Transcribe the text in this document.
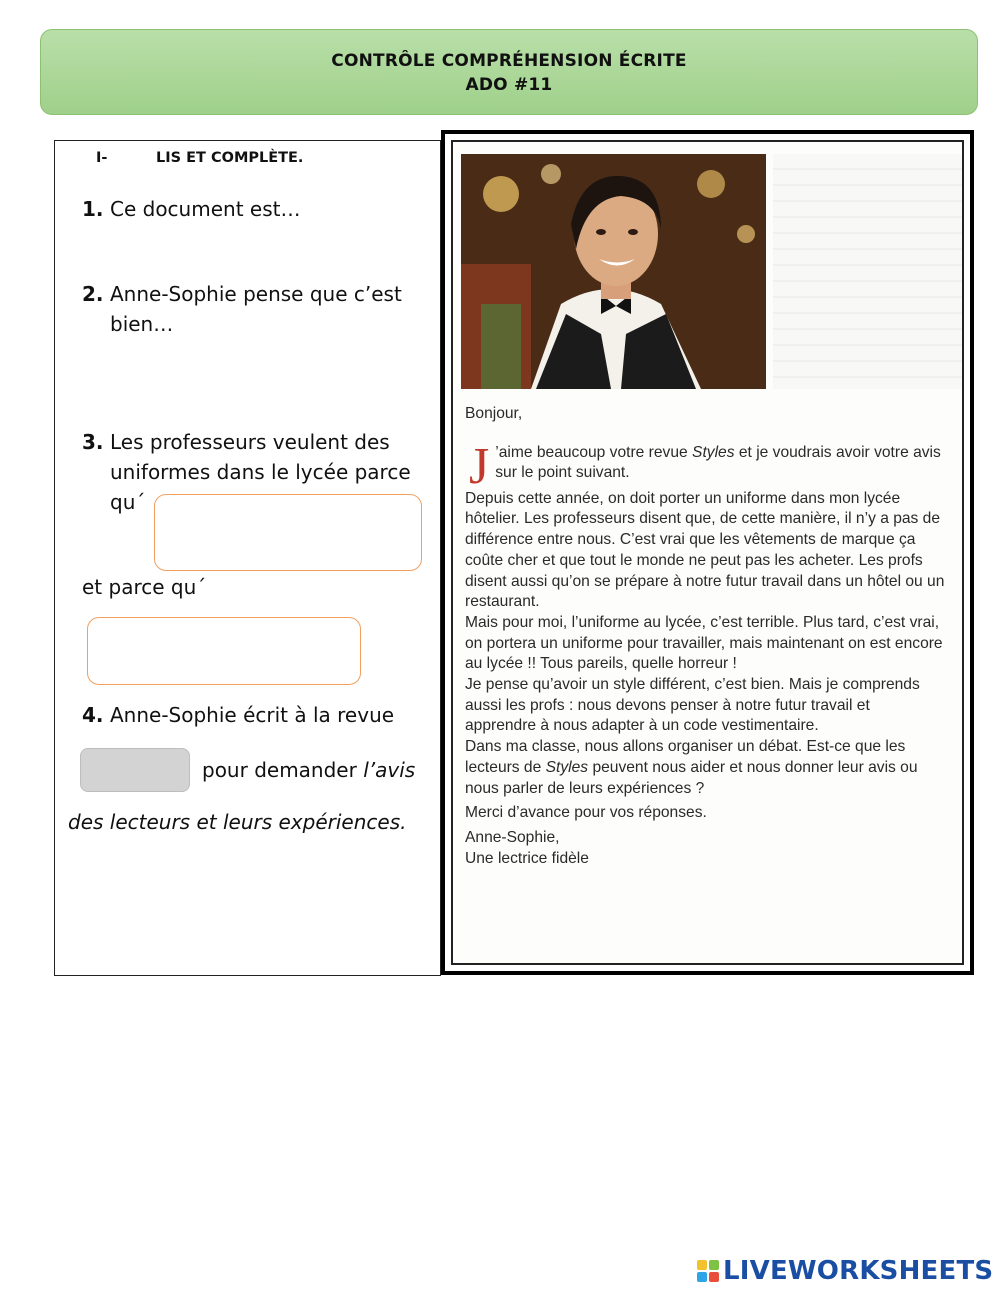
CONTRÔLE COMPRÉHENSION ÉCRITE
ADO #11
I-	LIS ET COMPLÈTE.
1. Ce document est…
2. Anne-Sophie pense que c’est
bien…
3. Les professeurs veulent des
uniformes dans le lycée parce
qu´
et parce qu´
4. Anne-Sophie écrit à la revue
pour demander l’avis
des lecteurs et leurs expériences.

Bonjour,

J ’aime beaucoup votre revue Styles et je voudrais avoir votre avis sur le point suivant.

Depuis cette année, on doit porter un uniforme dans mon lycée hôtelier. Les professeurs disent que, de cette manière, il n’y a pas de différence entre nous. C’est vrai que les vêtements de marque ça coûte cher et que tout le monde ne peut pas les acheter. Les profs disent aussi qu’on se prépare à notre futur travail dans un hôtel ou un restaurant.

Mais pour moi, l’uniforme au lycée, c’est terrible. Plus tard, c’est vrai, on portera un uniforme pour travailler, mais maintenant on est encore au lycée !! Tous pareils, quelle horreur !

Je pense qu’avoir un style différent, c’est bien. Mais je comprends aussi les profs : nous devons penser à notre futur travail et apprendre à nous adapter à un code vestimentaire.

Dans ma classe, nous allons organiser un débat. Est-ce que les lecteurs de Styles peuvent nous aider et nous donner leur avis ou nous parler de leurs expériences ?

Merci d’avance pour vos réponses.

Anne-Sophie,

Une lectrice fidèle

LIVEWORKSHEETS
